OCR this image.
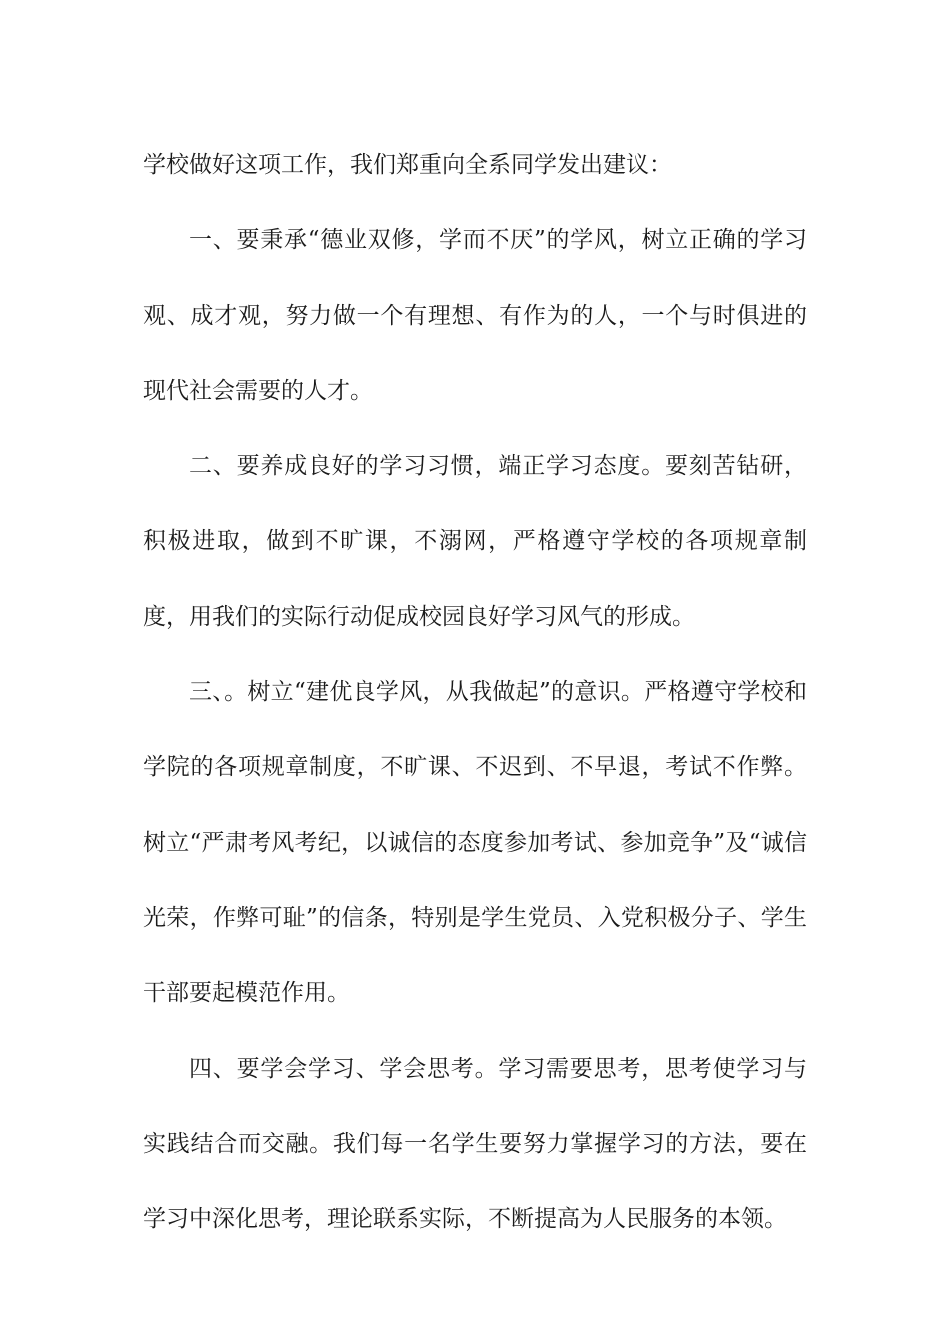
学校做好这项工作，我们郑重向全系同学发出建议：

一、要秉承“德业双修，学而不厌”的学风，树立正确的学习观、成才观，努力做一个有理想、有作为的人，一个与时俱进的现代社会需要的人才。

二、要养成良好的学习习惯，端正学习态度。要刻苦钻研，积极进取，做到不旷课，不溺网，严格遵守学校的各项规章制度，用我们的实际行动促成校园良好学习风气的形成。

三、。树立“建优良学风，从我做起”的意识。严格遵守学校和学院的各项规章制度，不旷课、不迟到、不早退，考试不作弊。树立“严肃考风考纪，以诚信的态度参加考试、参加竞争”及“诚信光荣，作弊可耻”的信条，特别是学生党员、入党积极分子、学生干部要起模范作用。

四、要学会学习、学会思考。学习需要思考，思考使学习与实践结合而交融。我们每一名学生要努力掌握学习的方法，要在学习中深化思考，理论联系实际，不断提高为人民服务的本领。
